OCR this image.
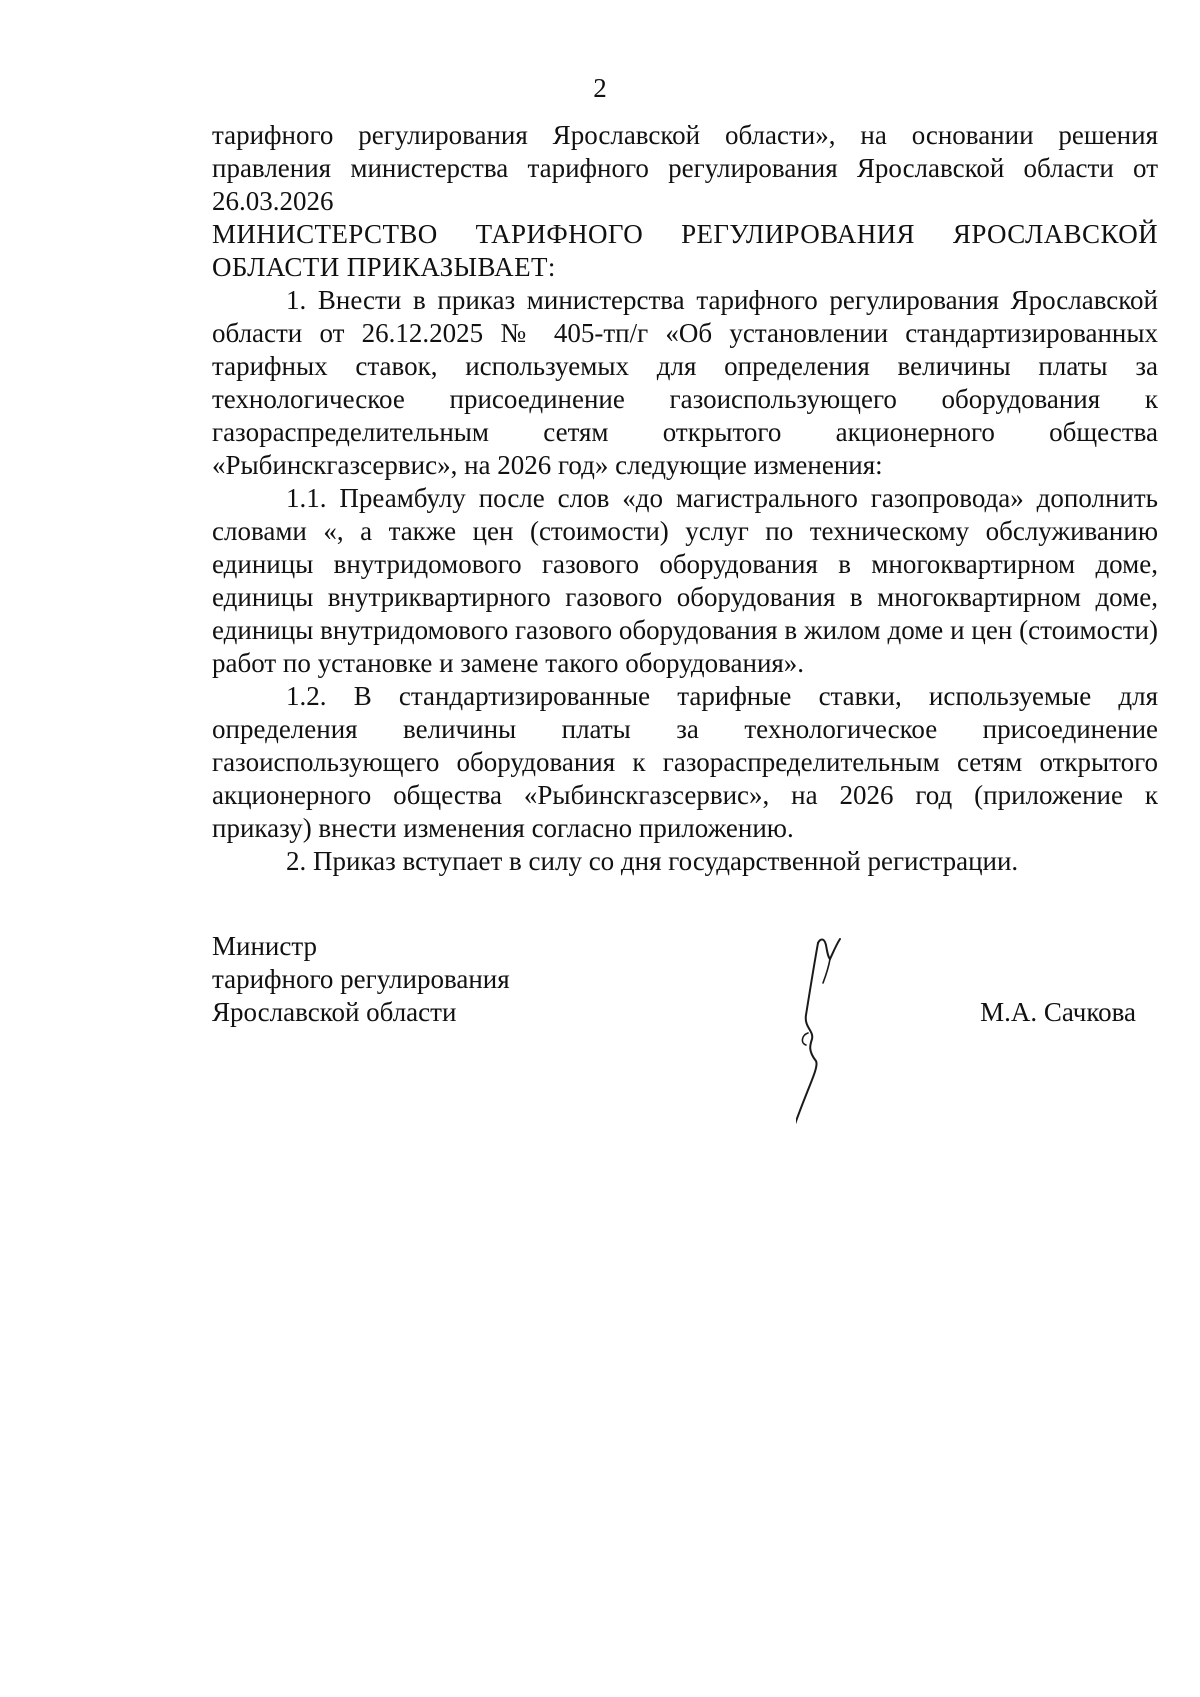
2

тарифного регулирования Ярославской области», на основании решения правления министерства тарифного регулирования Ярославской области от 26.03.2026

МИНИСТЕРСТВО ТАРИФНОГО РЕГУЛИРОВАНИЯ ЯРОСЛАВСКОЙ ОБЛАСТИ ПРИКАЗЫВАЕТ:

1. Внести в приказ министерства тарифного регулирования Ярославской области от 26.12.2025 № 405-тп/г «Об установлении стандартизированных тарифных ставок, используемых для определения величины платы за технологическое присоединение газоиспользующего оборудования к газораспределительным сетям открытого акционерного общества «Рыбинскгазсервис», на 2026 год» следующие изменения:

1.1. Преамбулу после слов «до магистрального газопровода» дополнить словами «, а также цен (стоимости) услуг по техническому обслуживанию единицы внутридомового газового оборудования в многоквартирном доме, единицы внутриквартирного газового оборудования в многоквартирном доме, единицы внутридомового газового оборудования в жилом доме и цен (стоимости) работ по установке и замене такого оборудования».

1.2. В стандартизированные тарифные ставки, используемые для определения величины платы за технологическое присоединение газоиспользующего оборудования к газораспределительным сетям открытого акционерного общества «Рыбинскгазсервис», на 2026 год (приложение к приказу) внести изменения согласно приложению.

2. Приказ вступает в силу со дня государственной регистрации.

Министр
тарифного регулирования
Ярославской области	М.А. Сачкова
